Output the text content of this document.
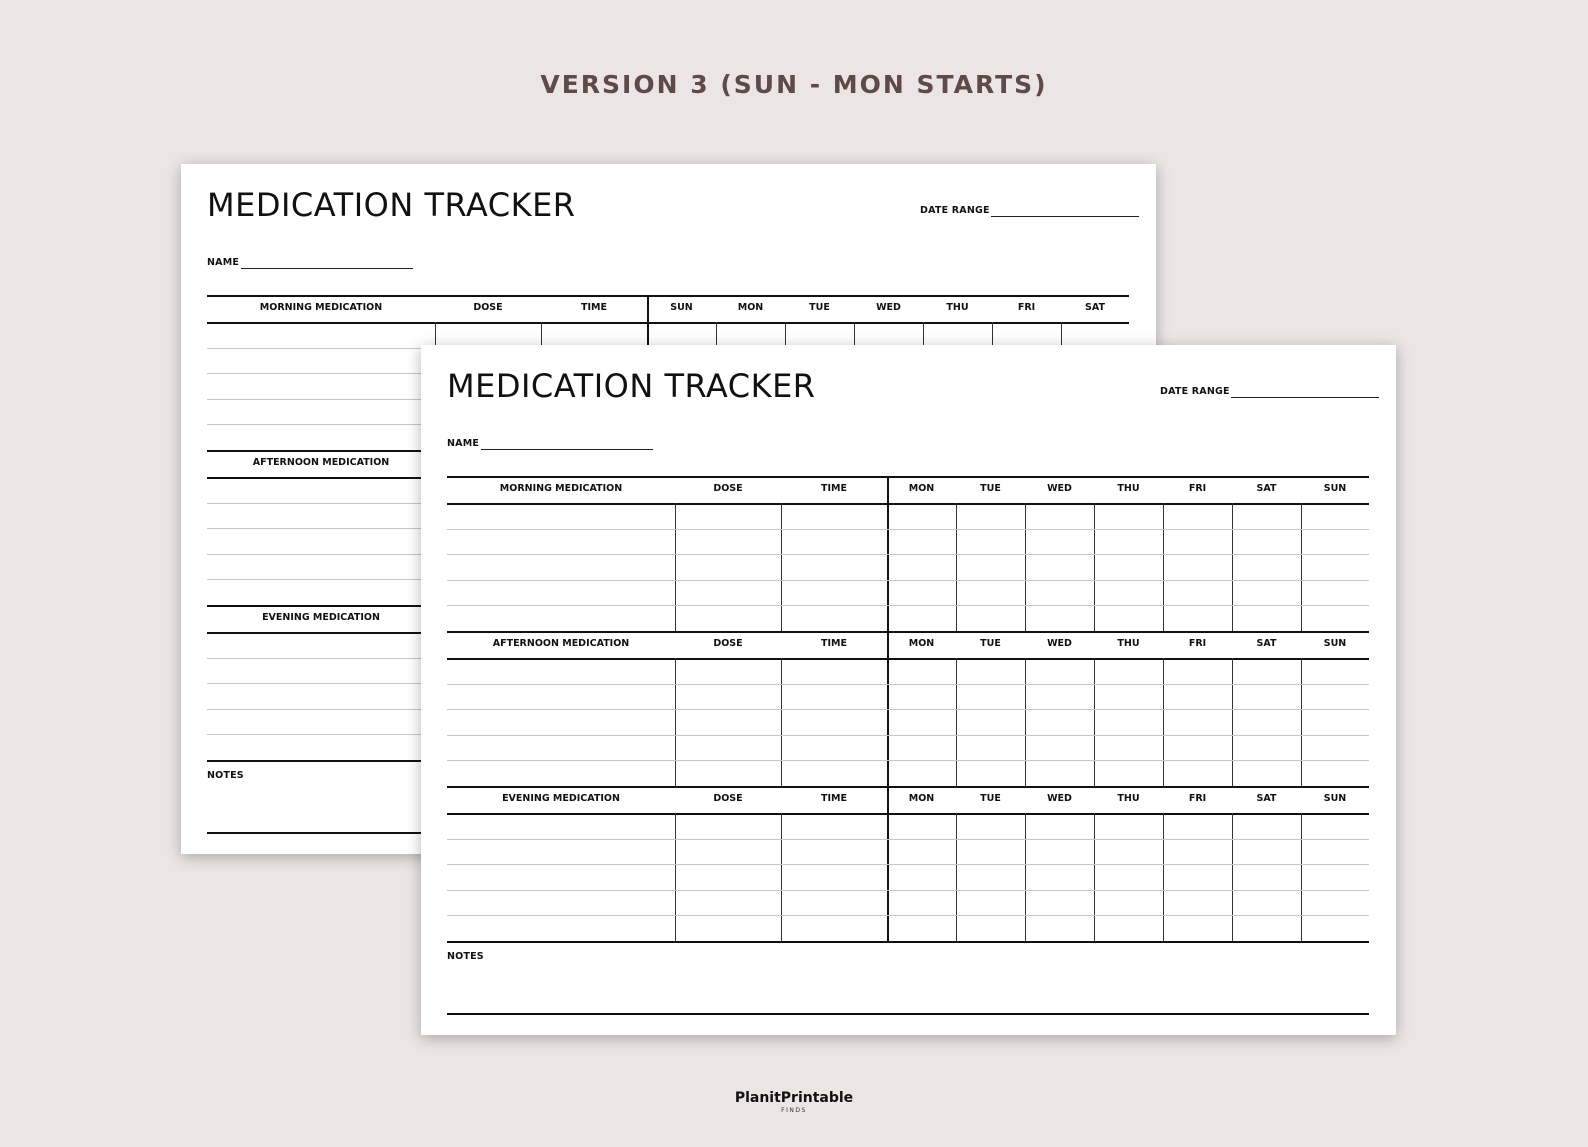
VERSION 3 (SUN - MON STARTS)
MEDICATION TRACKER	DATE RANGE
NAME
MORNING MEDICATION	DOSE	TIME	SUN	MON	TUE	WED	THU	FRI	SAT
AFTERNOON MEDICATION
EVENING MEDICATION
NOTES
MEDICATION TRACKER	DATE RANGE
NAME
MORNING MEDICATION	DOSE	TIME	MON	TUE	WED	THU	FRI	SAT	SUN
AFTERNOON MEDICATION	DOSE	TIME	MON	TUE	WED	THU	FRI	SAT	SUN
EVENING MEDICATION	DOSE	TIME	MON	TUE	WED	THU	FRI	SAT	SUN
NOTES
PlanitPrintable
FINDS
